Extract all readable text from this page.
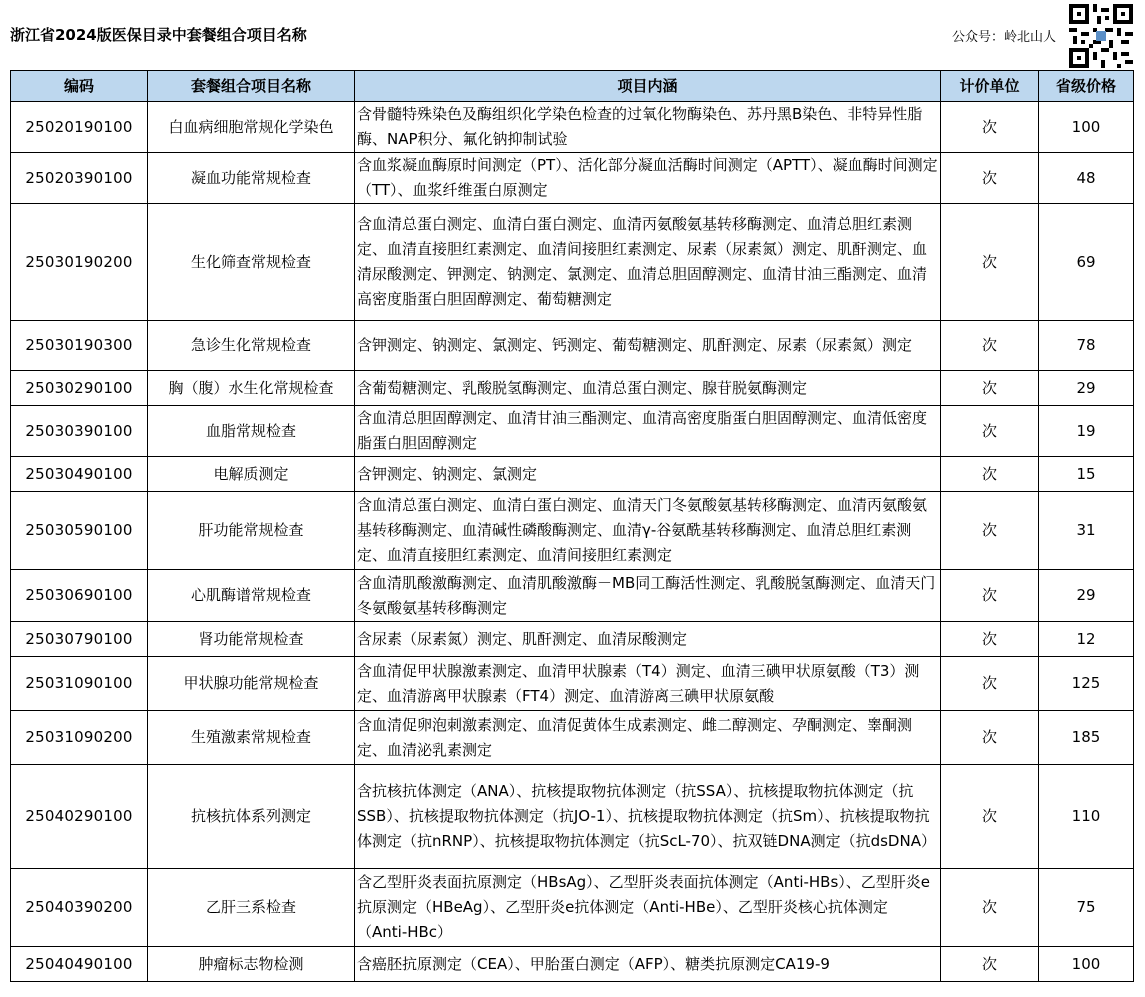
浙江省2024版医保目录中套餐组合项目名称	公众号：岭北山人
编码	套餐组合项目名称	项目内涵	计价单位	省级价格
25020190100	白血病细胞常规化学染色	含骨髓特殊染色及酶组织化学染色检查的过氧化物酶染色、苏丹黑B染色、非特异性脂酶、NAP积分、氟化钠抑制试验	次	100
25020390100	凝血功能常规检查	含血浆凝血酶原时间测定（PT）、活化部分凝血活酶时间测定（APTT）、凝血酶时间测定（TT）、血浆纤维蛋白原测定	次	48
25030190200	生化筛查常规检查	含血清总蛋白测定、血清白蛋白测定、血清丙氨酸氨基转移酶测定、血清总胆红素测定、血清直接胆红素测定、血清间接胆红素测定、尿素（尿素氮）测定、肌酐测定、血清尿酸测定、钾测定、钠测定、氯测定、血清总胆固醇测定、血清甘油三酯测定、血清高密度脂蛋白胆固醇测定、葡萄糖测定	次	69
25030190300	急诊生化常规检查	含钾测定、钠测定、氯测定、钙测定、葡萄糖测定、肌酐测定、尿素（尿素氮）测定	次	78
25030290100	胸（腹）水生化常规检查	含葡萄糖测定、乳酸脱氢酶测定、血清总蛋白测定、腺苷脱氨酶测定	次	29
25030390100	血脂常规检查	含血清总胆固醇测定、血清甘油三酯测定、血清高密度脂蛋白胆固醇测定、血清低密度脂蛋白胆固醇测定	次	19
25030490100	电解质测定	含钾测定、钠测定、氯测定	次	15
25030590100	肝功能常规检查	含血清总蛋白测定、血清白蛋白测定、血清天门冬氨酸氨基转移酶测定、血清丙氨酸氨基转移酶测定、血清碱性磷酸酶测定、血清γ-谷氨酰基转移酶测定、血清总胆红素测定、血清直接胆红素测定、血清间接胆红素测定	次	31
25030690100	心肌酶谱常规检查	含血清肌酸激酶测定、血清肌酸激酶－MB同工酶活性测定、乳酸脱氢酶测定、血清天门冬氨酸氨基转移酶测定	次	29
25030790100	肾功能常规检查	含尿素（尿素氮）测定、肌酐测定、血清尿酸测定	次	12
25031090100	甲状腺功能常规检查	含血清促甲状腺激素测定、血清甲状腺素（T4）测定、血清三碘甲状原氨酸（T3）测定、血清游离甲状腺素（FT4）测定、血清游离三碘甲状原氨酸	次	125
25031090200	生殖激素常规检查	含血清促卵泡刺激素测定、血清促黄体生成素测定、雌二醇测定、孕酮测定、睾酮测定、血清泌乳素测定	次	185
25040290100	抗核抗体系列测定	含抗核抗体测定（ANA）、抗核提取物抗体测定（抗SSA）、抗核提取物抗体测定（抗SSB）、抗核提取物抗体测定（抗JO-1）、抗核提取物抗体测定（抗Sm）、抗核提取物抗体测定（抗nRNP）、抗核提取物抗体测定（抗ScL-70）、抗双链DNA测定（抗dsDNA）	次	110
25040390200	乙肝三系检查	含乙型肝炎表面抗原测定（HBsAg）、乙型肝炎表面抗体测定（Anti-HBs）、乙型肝炎e抗原测定（HBeAg）、乙型肝炎e抗体测定（Anti-HBe）、乙型肝炎核心抗体测定（Anti-HBc）	次	75
25040490100	肿瘤标志物检测	含癌胚抗原测定（CEA）、甲胎蛋白测定（AFP）、糖类抗原测定CA19-9	次	100
